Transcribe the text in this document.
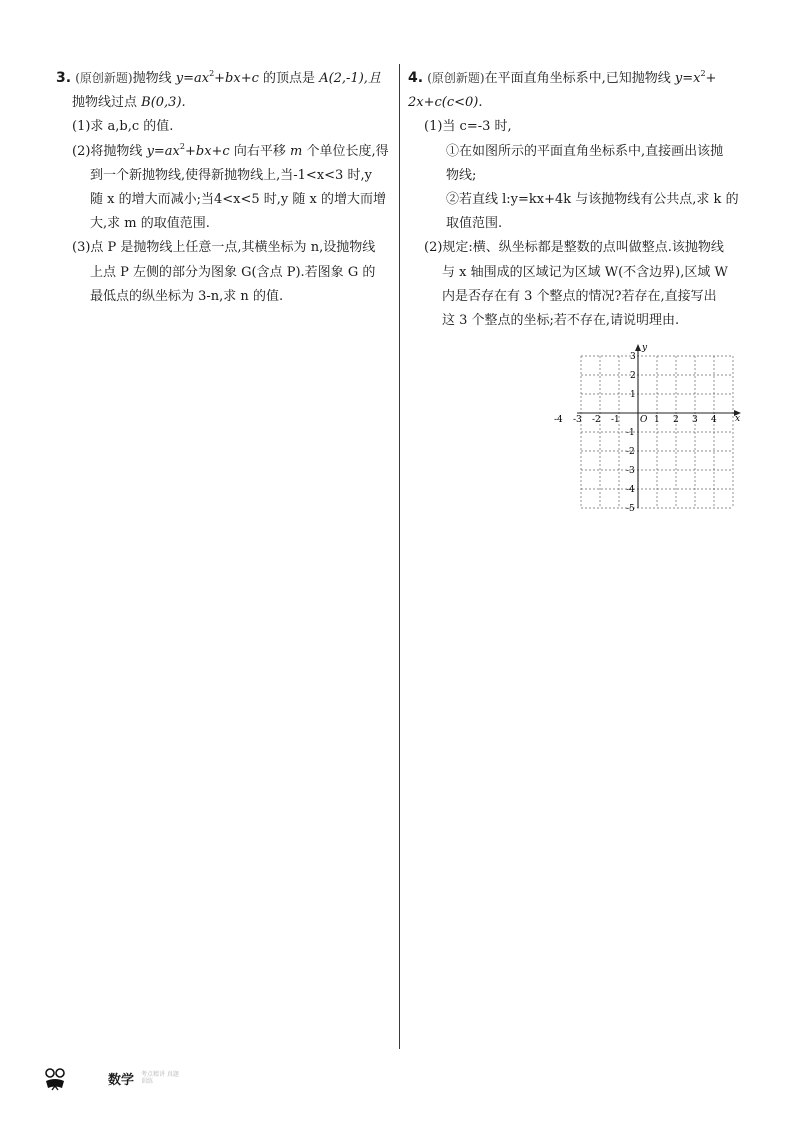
3. (原创新题)抛物线 $y=ax^2+bx+c$ 的顶点是 A(2,-1),且

抛物线过点 B(0,3).

(1)求 a,b,c 的值.

(2)将抛物线 $y=ax^2+bx+c$ 向右平移 m 个单位长度,得

到一个新抛物线,使得新抛物线上,当-1<x<3 时,y

随 x 的增大而减小;当4<x<5 时,y 随 x 的增大而增

大,求 m 的取值范围.

(3)点 P 是抛物线上任意一点,其横坐标为 n,设抛物线

上点 P 左侧的部分为图象 G(含点 P).若图象 G 的

最低点的纵坐标为 3-n,求 n 的值.

4. (原创新题)在平面直角坐标系中,已知抛物线 $y=x^2+$

2x+c(c<0).

(1)当 c=-3 时,

①在如图所示的平面直角坐标系中,直接画出该抛

物线;

②若直线 l:y=kx+4k 与该抛物线有公共点,求 k 的

取值范围.

(2)规定:横、纵坐标都是整数的点叫做整点.该抛物线

与 x 轴围成的区域记为区域 W(不含边界),区域 W

内是否存在有 3 个整点的情况?若存在,直接写出

这 3 个整点的坐标;若不存在,请说明理由.

x
y
O
-4 -3 -2 -1	1 2 3 4
3
2
1
-1
-2
-3
-4
-5
数学 考点精讲 真题训练
